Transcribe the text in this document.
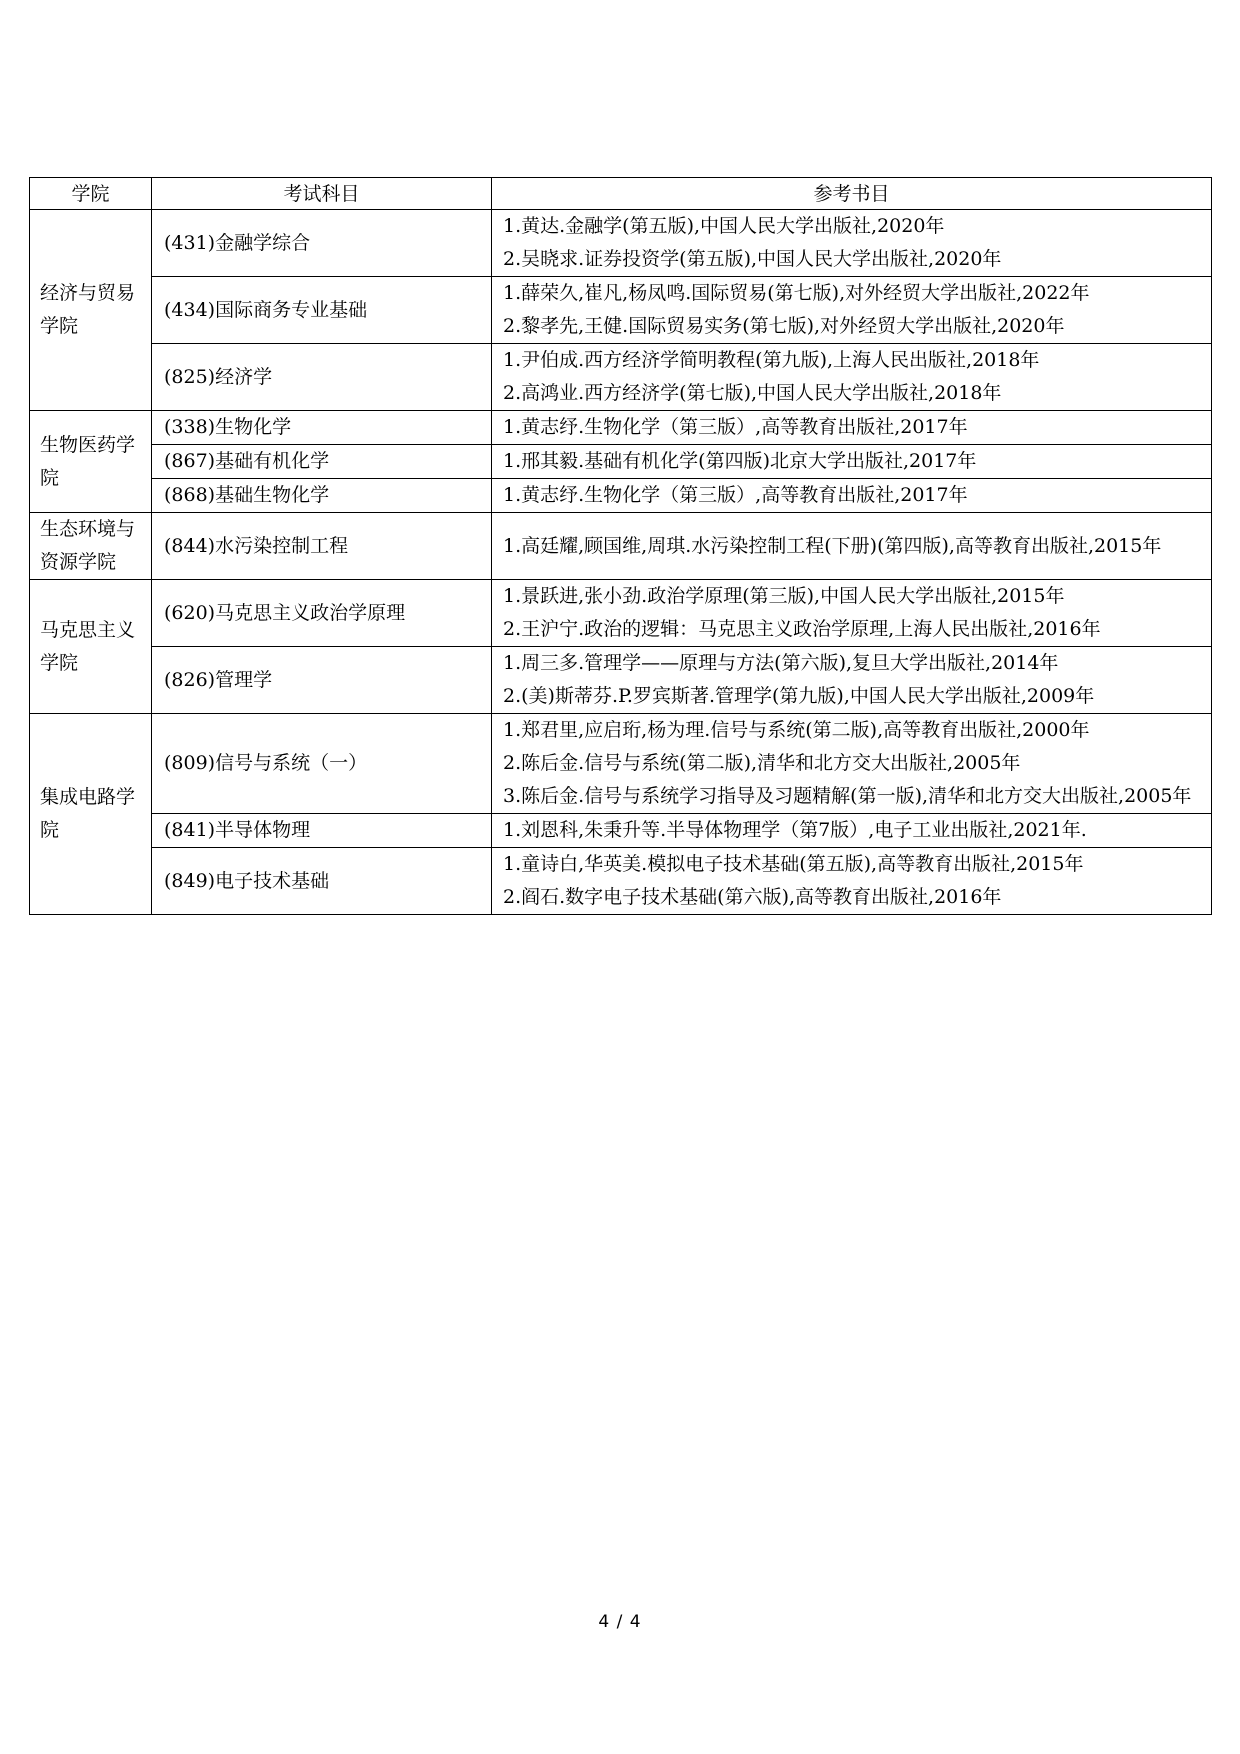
学院	考试科目	参考书目
经济与贸易学院	(431)金融学综合	1.黄达.金融学(第五版),中国人民大学出版社,2020年
2.吴晓求.证券投资学(第五版),中国人民大学出版社,2020年

	(434)国际商务专业基础	1.薛荣久,崔凡,杨凤鸣.国际贸易(第七版),对外经贸大学出版社,2022年
2.黎孝先,王健.国际贸易实务(第七版),对外经贸大学出版社,2020年

	(825)经济学	1.尹伯成.西方经济学简明教程(第九版),上海人民出版社,2018年
2.高鸿业.西方经济学(第七版),中国人民大学出版社,2018年

生物医药学院	(338)生物化学	1.黄志纾.生物化学（第三版）,高等教育出版社,2017年

	(867)基础有机化学	1.邢其毅.基础有机化学(第四版)北京大学出版社,2017年

	(868)基础生物化学	1.黄志纾.生物化学（第三版）,高等教育出版社,2017年

生态环境与资源学院	(844)水污染控制工程	1.高廷耀,顾国维,周琪.水污染控制工程(下册)(第四版),高等教育出版社,2015年

马克思主义学院	(620)马克思主义政治学原理	1.景跃进,张小劲.政治学原理(第三版),中国人民大学出版社,2015年
2.王沪宁.政治的逻辑：马克思主义政治学原理,上海人民出版社,2016年

	(826)管理学	1.周三多.管理学——原理与方法(第六版),复旦大学出版社,2014年
2.(美)斯蒂芬.P.罗宾斯著.管理学(第九版),中国人民大学出版社,2009年

集成电路学院	(809)信号与系统（一）	1.郑君里,应启珩,杨为理.信号与系统(第二版),高等教育出版社,2000年
2.陈后金.信号与系统(第二版),清华和北方交大出版社,2005年
3.陈后金.信号与系统学习指导及习题精解(第一版),清华和北方交大出版社,2005年

	(841)半导体物理	1.刘恩科,朱秉升等.半导体物理学（第7版）,电子工业出版社,2021年.

	(849)电子技术基础	1.童诗白,华英美.模拟电子技术基础(第五版),高等教育出版社,2015年
2.阎石.数字电子技术基础(第六版),高等教育出版社,2016年
4 / 4
